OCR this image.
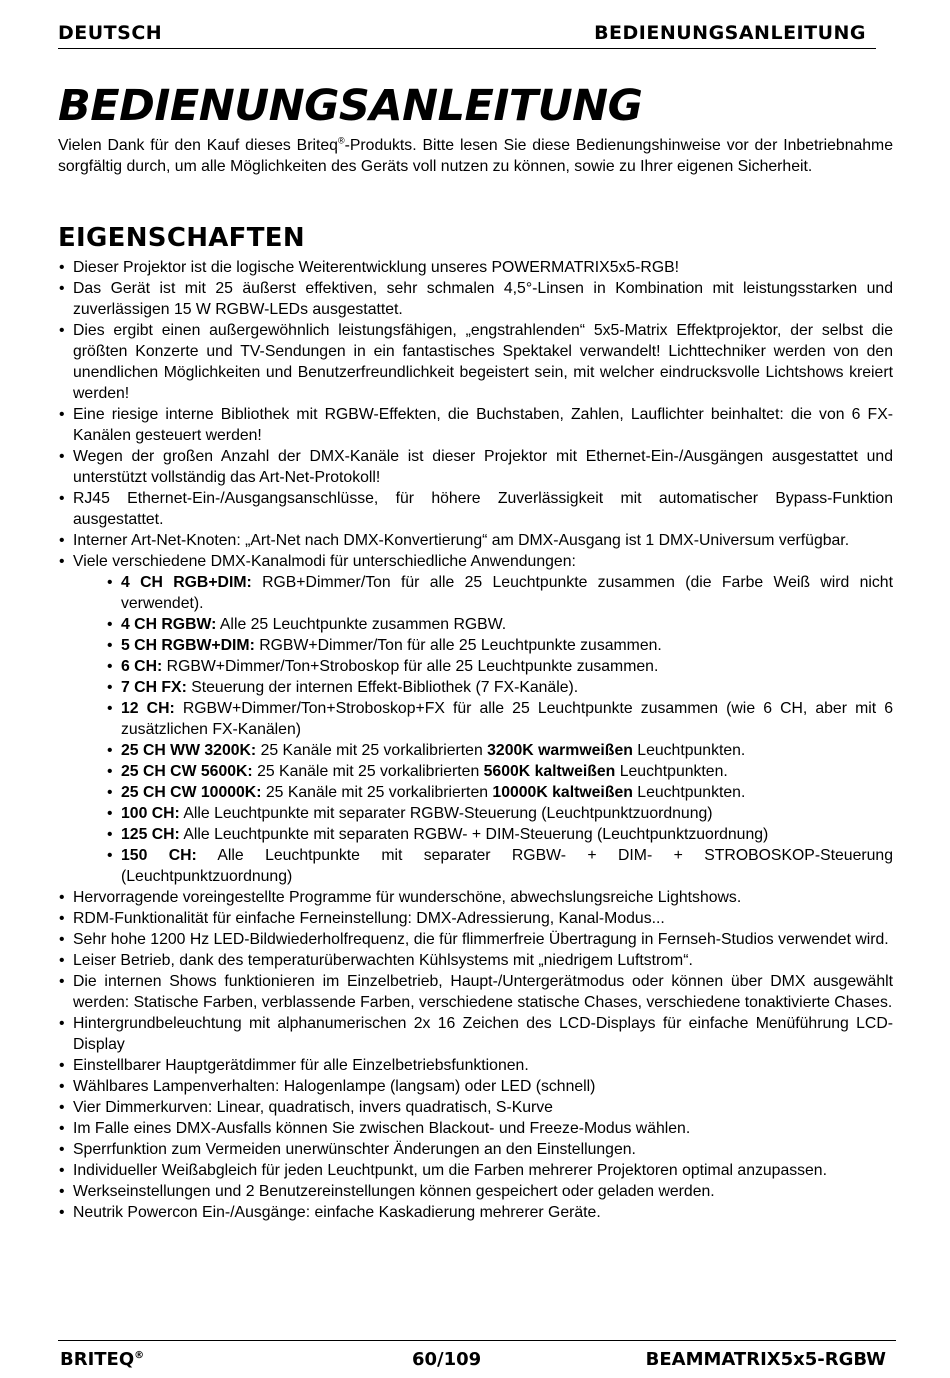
DEUTSCH	BEDIENUNGSANLEITUNG
BEDIENUNGSANLEITUNG

Vielen Dank für den Kauf dieses Briteq®-Produkts. Bitte lesen Sie diese Bedienungshinweise vor der Inbetriebnahme sorgfältig durch, um alle Möglichkeiten des Geräts voll nutzen zu können, sowie zu Ihrer eigenen Sicherheit.

EIGENSCHAFTEN
• Dieser Projektor ist die logische Weiterentwicklung unseres POWERMATRIX5x5-RGB!
• Das Gerät ist mit 25 äußerst effektiven, sehr schmalen 4,5°-Linsen in Kombination mit leistungsstarken und zuverlässigen 15 W RGBW-LEDs ausgestattet.
• Dies ergibt einen außergewöhnlich leistungsfähigen, „engstrahlenden“ 5x5-Matrix Effektprojektor, der selbst die größten Konzerte und TV-Sendungen in ein fantastisches Spektakel verwandelt! Lichttechniker werden von den unendlichen Möglichkeiten und Benutzerfreundlichkeit begeistert sein, mit welcher eindrucksvolle Lichtshows kreiert werden!
• Eine riesige interne Bibliothek mit RGBW-Effekten, die Buchstaben, Zahlen, Lauflichter beinhaltet: die von 6 FX-Kanälen gesteuert werden!
• Wegen der großen Anzahl der DMX-Kanäle ist dieser Projektor mit Ethernet-Ein-/Ausgängen ausgestattet und unterstützt vollständig das Art-Net-Protokoll!
• RJ45 Ethernet-Ein-/Ausgangsanschlüsse, für höhere Zuverlässigkeit mit automatischer Bypass-Funktion ausgestattet.
• Interner Art-Net-Knoten: „Art-Net nach DMX-Konvertierung“ am DMX-Ausgang ist 1 DMX-Universum verfügbar.
• Viele verschiedene DMX-Kanalmodi für unterschiedliche Anwendungen:
• 4 CH RGB+DIM: RGB+Dimmer/Ton für alle 25 Leuchtpunkte zusammen (die Farbe Weiß wird nicht verwendet).
• 4 CH RGBW: Alle 25 Leuchtpunkte zusammen RGBW.
• 5 CH RGBW+DIM: RGBW+Dimmer/Ton für alle 25 Leuchtpunkte zusammen.
• 6 CH: RGBW+Dimmer/Ton+Stroboskop für alle 25 Leuchtpunkte zusammen.
• 7 CH FX: Steuerung der internen Effekt-Bibliothek (7 FX-Kanäle).
• 12 CH: RGBW+Dimmer/Ton+Stroboskop+FX für alle 25 Leuchtpunkte zusammen (wie 6 CH, aber mit 6 zusätzlichen FX-Kanälen)
• 25 CH WW 3200K: 25 Kanäle mit 25 vorkalibrierten 3200K warmweißen Leuchtpunkten.
• 25 CH CW 5600K: 25 Kanäle mit 25 vorkalibrierten 5600K kaltweißen Leuchtpunkten.
• 25 CH CW 10000K: 25 Kanäle mit 25 vorkalibrierten 10000K kaltweißen Leuchtpunkten.
• 100 CH: Alle Leuchtpunkte mit separater RGBW-Steuerung (Leuchtpunktzuordnung)
• 125 CH: Alle Leuchtpunkte mit separaten RGBW- + DIM-Steuerung (Leuchtpunktzuordnung)
• 150 CH: Alle Leuchtpunkte mit separater RGBW- + DIM- + STROBOSKOP-Steuerung (Leuchtpunktzuordnung)
• Hervorragende voreingestellte Programme für wunderschöne, abwechslungsreiche Lightshows.
• RDM-Funktionalität für einfache Ferneinstellung: DMX-Adressierung, Kanal-Modus...
• Sehr hohe 1200 Hz LED-Bildwiederholfrequenz, die für flimmerfreie Übertragung in Fernseh-Studios verwendet wird.
• Leiser Betrieb, dank des temperaturüberwachten Kühlsystems mit „niedrigem Luftstrom“.
• Die internen Shows funktionieren im Einzelbetrieb, Haupt-/Untergerätmodus oder können über DMX ausgewählt werden: Statische Farben, verblassende Farben, verschiedene statische Chases, verschiedene tonaktivierte Chases.
• Hintergrundbeleuchtung mit alphanumerischen 2x 16 Zeichen des LCD-Displays für einfache Menüführung LCD-Display
• Einstellbarer Hauptgerätdimmer für alle Einzelbetriebsfunktionen.
• Wählbares Lampenverhalten: Halogenlampe (langsam) oder LED (schnell)
• Vier Dimmerkurven: Linear, quadratisch, invers quadratisch, S-Kurve
• Im Falle eines DMX-Ausfalls können Sie zwischen Blackout- und Freeze-Modus wählen.
• Sperrfunktion zum Vermeiden unerwünschter Änderungen an den Einstellungen.
• Individueller Weißabgleich für jeden Leuchtpunkt, um die Farben mehrerer Projektoren optimal anzupassen.
• Werkseinstellungen und 2 Benutzereinstellungen können gespeichert oder geladen werden.
• Neutrik Powercon Ein-/Ausgänge: einfache Kaskadierung mehrerer Geräte.
BRITEQ®	60/109	BEAMMATRIX5x5-RGBW
